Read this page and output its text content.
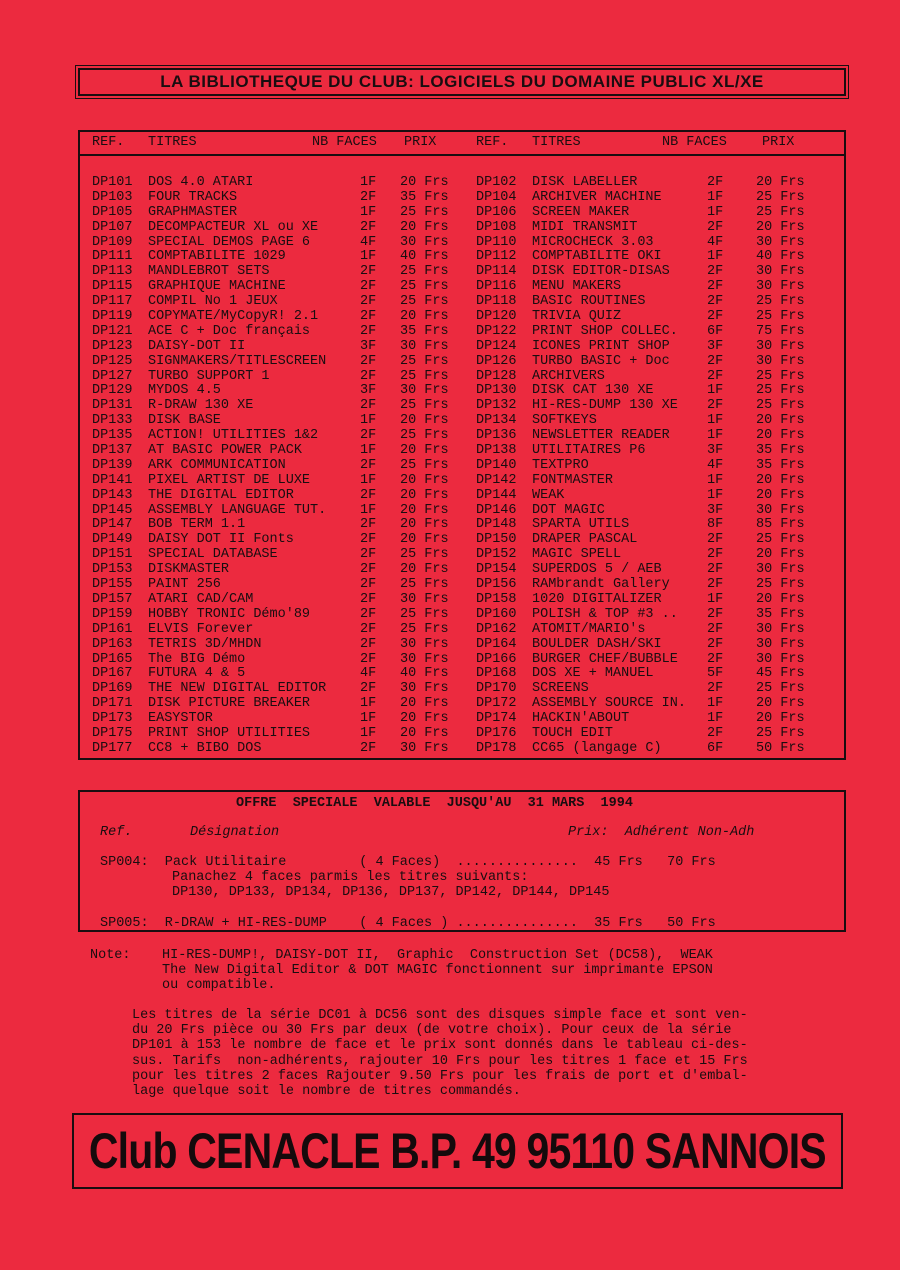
LA BIBLIOTHEQUE DU CLUB: LOGICIELS DU DOMAINE PUBLIC XL/XE
REF. TITRES	NB FACES PRIX	REF. TITRES	NB FACES	PRIX
DP101 DOS 4.0 ATARI	1F 20 Frs DP102 DISK LABELLER	2F 20 Frs
DP103 FOUR TRACKS	2F 35 Frs DP104 ARCHIVER MACHINE	1F 25 Frs
DP105 GRAPHMASTER	1F 25 Frs DP106 SCREEN MAKER	1F 25 Frs
DP107 DECOMPACTEUR XL ou XE	2F 20 Frs DP108 MIDI TRANSMIT	2F 20 Frs
DP109 SPECIAL DEMOS PAGE 6	4F 30 Frs DP110 MICROCHECK 3.03	4F 30 Frs
DP111 COMPTABILITE 1029	1F 40 Frs DP112 COMPTABILITE OKI	1F 40 Frs
DP113 MANDLEBROT SETS	2F 25 Frs DP114 DISK EDITOR-DISAS	2F 30 Frs
DP115 GRAPHIQUE MACHINE	2F 25 Frs DP116 MENU MAKERS	2F 30 Frs
DP117 COMPIL No 1 JEUX	2F 25 Frs DP118 BASIC ROUTINES	2F 25 Frs
DP119 COPYMATE/MyCopyR! 2.1	2F 20 Frs DP120 TRIVIA QUIZ	2F 25 Frs
DP121 ACE C + Doc français	2F 35 Frs DP122 PRINT SHOP COLLEC. 6F 75 Frs
DP123 DAISY-DOT II	3F 30 Frs DP124 ICONES PRINT SHOP	3F 30 Frs
DP125 SIGNMAKERS/TITLESCREEN	2F 25 Frs DP126 TURBO BASIC + Doc	2F 30 Frs
DP127 TURBO SUPPORT 1	2F 25 Frs DP128 ARCHIVERS	2F 25 Frs
DP129 MYDOS 4.5	3F 30 Frs DP130 DISK CAT 130 XE	1F 25 Frs
DP131 R-DRAW 130 XE	2F 25 Frs DP132 HI-RES-DUMP 130 XE 2F 25 Frs
DP133 DISK BASE	1F 20 Frs DP134 SOFTKEYS	1F 20 Frs
DP135 ACTION! UTILITIES 1&2	2F 25 Frs DP136 NEWSLETTER READER	1F 20 Frs
DP137 AT BASIC POWER PACK	1F 20 Frs DP138 UTILITAIRES P6	3F 35 Frs
DP139 ARK COMMUNICATION	2F 25 Frs DP140 TEXTPRO	4F 35 Frs
DP141 PIXEL ARTIST DE LUXE	1F 20 Frs DP142 FONTMASTER	1F 20 Frs
DP143 THE DIGITAL EDITOR	2F 20 Frs DP144 WEAK	1F 20 Frs
DP145 ASSEMBLY LANGUAGE TUT.	1F 20 Frs DP146 DOT MAGIC	3F 30 Frs
DP147 BOB TERM 1.1	2F 20 Frs DP148 SPARTA UTILS	8F 85 Frs
DP149 DAISY DOT II Fonts	2F 20 Frs DP150 DRAPER PASCAL	2F 25 Frs
DP151 SPECIAL DATABASE	2F 25 Frs DP152 MAGIC SPELL	2F 20 Frs
DP153 DISKMASTER	2F 20 Frs DP154 SUPERDOS 5 / AEB	2F 30 Frs
DP155 PAINT 256	2F 25 Frs DP156 RAMbrandt Gallery	2F 25 Frs
DP157 ATARI CAD/CAM	2F 30 Frs DP158 1020 DIGITALIZER	1F 20 Frs
DP159 HOBBY TRONIC Démo'89	2F 25 Frs DP160 POLISH & TOP #3 .. 2F 35 Frs
DP161 ELVIS Forever	2F 25 Frs DP162 ATOMIT/MARIO's	2F 30 Frs
DP163 TETRIS 3D/MHDN	2F 30 Frs DP164 BOULDER DASH/SKI	2F 30 Frs
DP165 The BIG Démo	2F 30 Frs DP166 BURGER CHEF/BUBBLE 2F 30 Frs
DP167 FUTURA 4 & 5	4F 40 Frs DP168 DOS XE + MANUEL	5F 45 Frs
DP169 THE NEW DIGITAL EDITOR	2F 30 Frs DP170 SCREENS	2F 25 Frs
DP171 DISK PICTURE BREAKER	1F 20 Frs DP172 ASSEMBLY SOURCE IN. 1F 20 Frs
DP173 EASYSTOR	1F 20 Frs DP174 HACKIN'ABOUT	1F 20 Frs
DP175 PRINT SHOP UTILITIES	1F 20 Frs DP176 TOUCH EDIT	2F 25 Frs
DP177 CC8 + BIBO DOS	2F 30 Frs DP178 CC65 (langage C)	6F 50 Frs
OFFRE  SPECIALE  VALABLE  JUSQU'AU  31 MARS  1994
Ref.	Désignation	Prix:  Adhérent Non-Adh
SP004:  Pack Utilitaire         ( 4 Faces)  ...............  45 Frs   70 Frs
Panachez 4 faces parmis les titres suivants:
DP130, DP133, DP134, DP136, DP137, DP142, DP144, DP145
SP005:  R-DRAW + HI-RES-DUMP    ( 4 Faces ) ...............  35 Frs   50 Frs
Note: HI-RES-DUMP!, DAISY-DOT II,  Graphic  Construction Set (DC58),  WEAK
The New Digital Editor & DOT MAGIC fonctionnent sur imprimante EPSON
ou compatible.
Les titres de la série DC01 à DC56 sont des disques simple face et sont ven-
du 20 Frs pièce ou 30 Frs par deux (de votre choix). Pour ceux de la série
DP101 à 153 le nombre de face et le prix sont donnés dans le tableau ci-des-
sus. Tarifs  non-adhérents, rajouter 10 Frs pour les titres 1 face et 15 Frs
pour les titres 2 faces Rajouter 9.50 Frs pour les frais de port et d'embal-
lage quelque soit le nombre de titres commandés.
Club CENACLE B.P. 49 95110 SANNOIS
